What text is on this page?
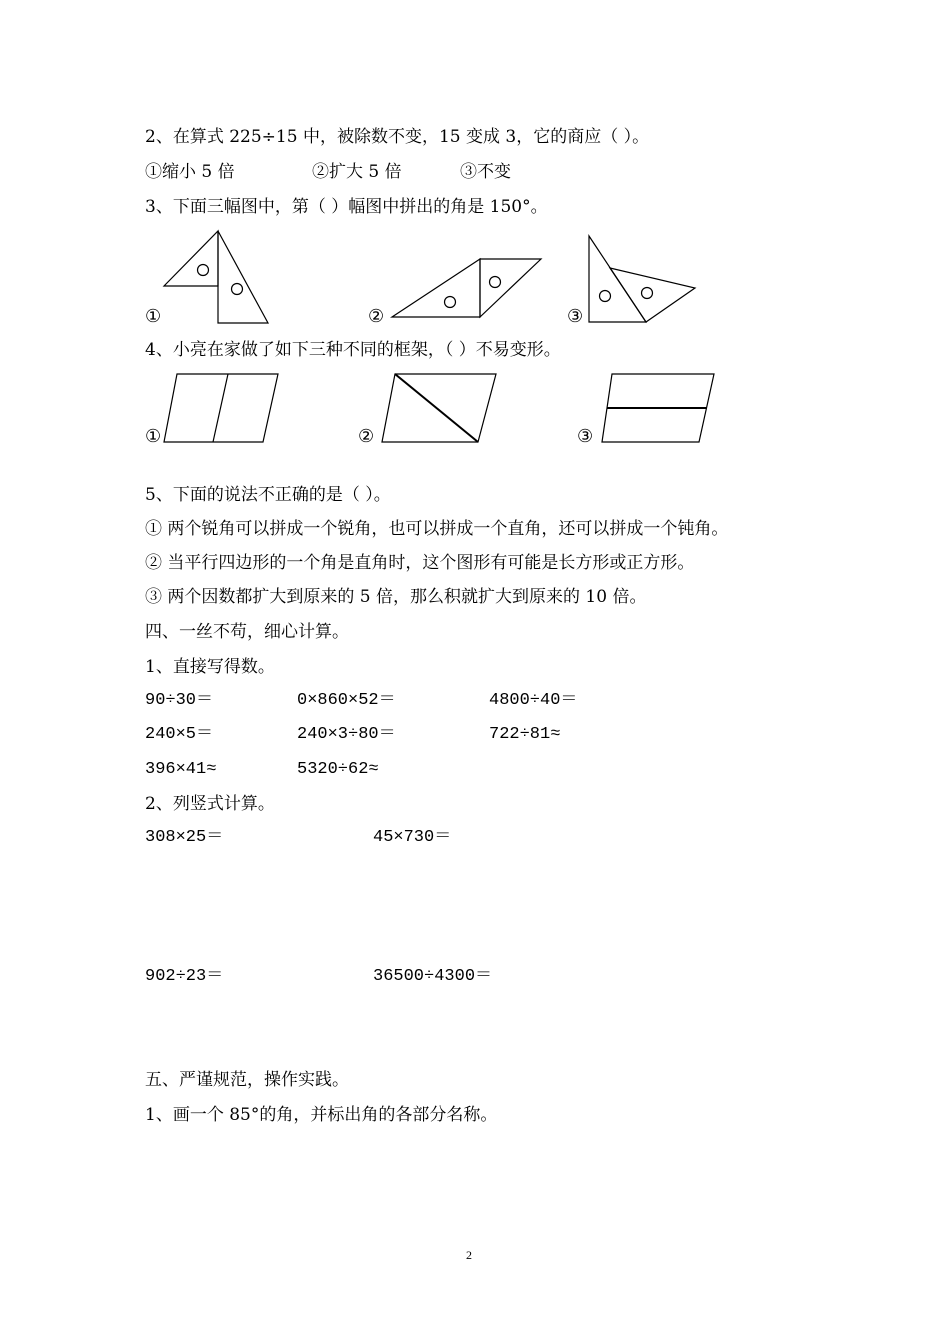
2、在算式 225÷15 中，被除数不变，15 变成 3，它的商应（ ）。
①缩小 5 倍	②扩大 5 倍	③不变
3、下面三幅图中，第（ ）幅图中拼出的角是 150°。
①	②	③
4、小亮在家做了如下三种不同的框架，（ ）不易变形。
①	②	③
5、下面的说法不正确的是（ ）。
① 两个锐角可以拼成一个锐角，也可以拼成一个直角，还可以拼成一个钝角。
② 当平行四边形的一个角是直角时，这个图形有可能是长方形或正方形。
③ 两个因数都扩大到原来的 5 倍，那么积就扩大到原来的 10 倍。
四、一丝不苟，细心计算。
1、直接写得数。
90÷30＝	0×860×52＝	4800÷40＝
240×5＝	240×3÷80＝	722÷81≈
396×41≈	5320÷62≈
2、列竖式计算。
308×25＝	45×730＝
902÷23＝	36500÷4300＝
五、严谨规范，操作实践。
1、画一个 85°的角，并标出角的各部分名称。
2
